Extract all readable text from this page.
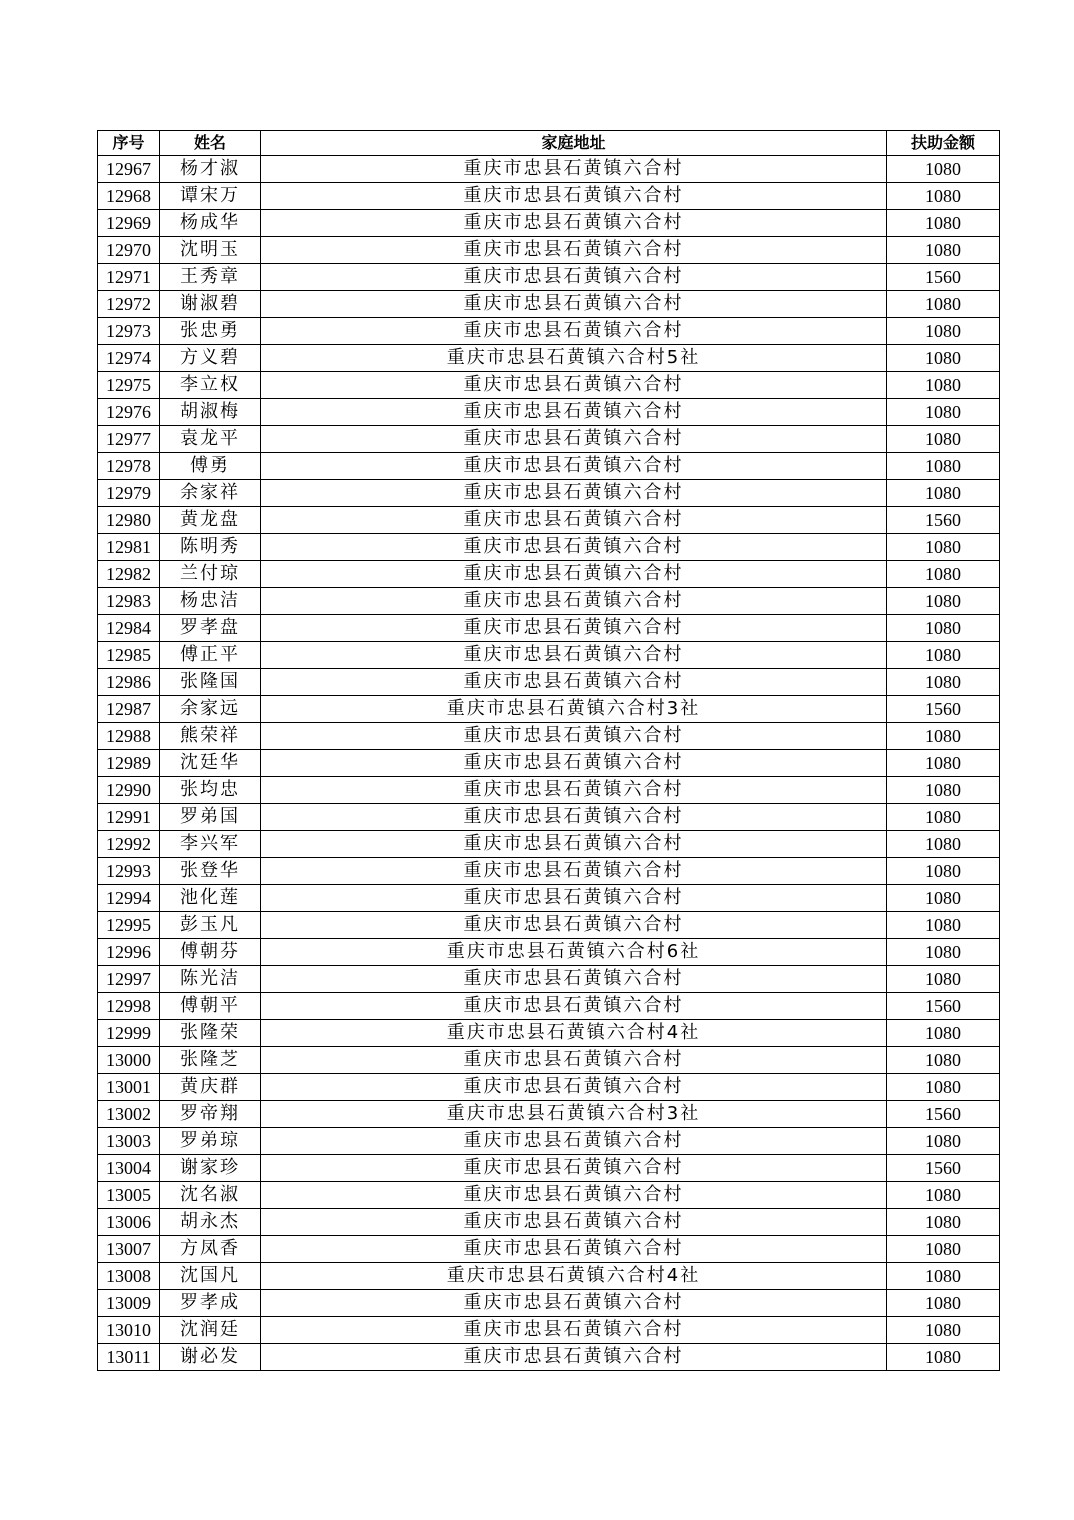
序号	姓名	家庭地址	扶助金额
12967	杨才淑	重庆市忠县石黄镇六合村	1080
12968	谭宋万	重庆市忠县石黄镇六合村	1080
12969	杨成华	重庆市忠县石黄镇六合村	1080
12970	沈明玉	重庆市忠县石黄镇六合村	1080
12971	王秀章	重庆市忠县石黄镇六合村	1560
12972	谢淑碧	重庆市忠县石黄镇六合村	1080
12973	张忠勇	重庆市忠县石黄镇六合村	1080
12974	方义碧	重庆市忠县石黄镇六合村5社	1080
12975	李立权	重庆市忠县石黄镇六合村	1080
12976	胡淑梅	重庆市忠县石黄镇六合村	1080
12977	袁龙平	重庆市忠县石黄镇六合村	1080
12978	傅勇	重庆市忠县石黄镇六合村	1080
12979	余家祥	重庆市忠县石黄镇六合村	1080
12980	黄龙盘	重庆市忠县石黄镇六合村	1560
12981	陈明秀	重庆市忠县石黄镇六合村	1080
12982	兰付琼	重庆市忠县石黄镇六合村	1080
12983	杨忠洁	重庆市忠县石黄镇六合村	1080
12984	罗孝盘	重庆市忠县石黄镇六合村	1080
12985	傅正平	重庆市忠县石黄镇六合村	1080
12986	张隆国	重庆市忠县石黄镇六合村	1080
12987	余家远	重庆市忠县石黄镇六合村3社	1560
12988	熊荣祥	重庆市忠县石黄镇六合村	1080
12989	沈廷华	重庆市忠县石黄镇六合村	1080
12990	张均忠	重庆市忠县石黄镇六合村	1080
12991	罗弟国	重庆市忠县石黄镇六合村	1080
12992	李兴军	重庆市忠县石黄镇六合村	1080
12993	张登华	重庆市忠县石黄镇六合村	1080
12994	池化莲	重庆市忠县石黄镇六合村	1080
12995	彭玉凡	重庆市忠县石黄镇六合村	1080
12996	傅朝芬	重庆市忠县石黄镇六合村6社	1080
12997	陈光洁	重庆市忠县石黄镇六合村	1080
12998	傅朝平	重庆市忠县石黄镇六合村	1560
12999	张隆荣	重庆市忠县石黄镇六合村4社	1080
13000	张隆芝	重庆市忠县石黄镇六合村	1080
13001	黄庆群	重庆市忠县石黄镇六合村	1080
13002	罗帝翔	重庆市忠县石黄镇六合村3社	1560
13003	罗弟琼	重庆市忠县石黄镇六合村	1080
13004	谢家珍	重庆市忠县石黄镇六合村	1560
13005	沈名淑	重庆市忠县石黄镇六合村	1080
13006	胡永杰	重庆市忠县石黄镇六合村	1080
13007	方凤香	重庆市忠县石黄镇六合村	1080
13008	沈国凡	重庆市忠县石黄镇六合村4社	1080
13009	罗孝成	重庆市忠县石黄镇六合村	1080
13010	沈润廷	重庆市忠县石黄镇六合村	1080
13011	谢必发	重庆市忠县石黄镇六合村	1080
